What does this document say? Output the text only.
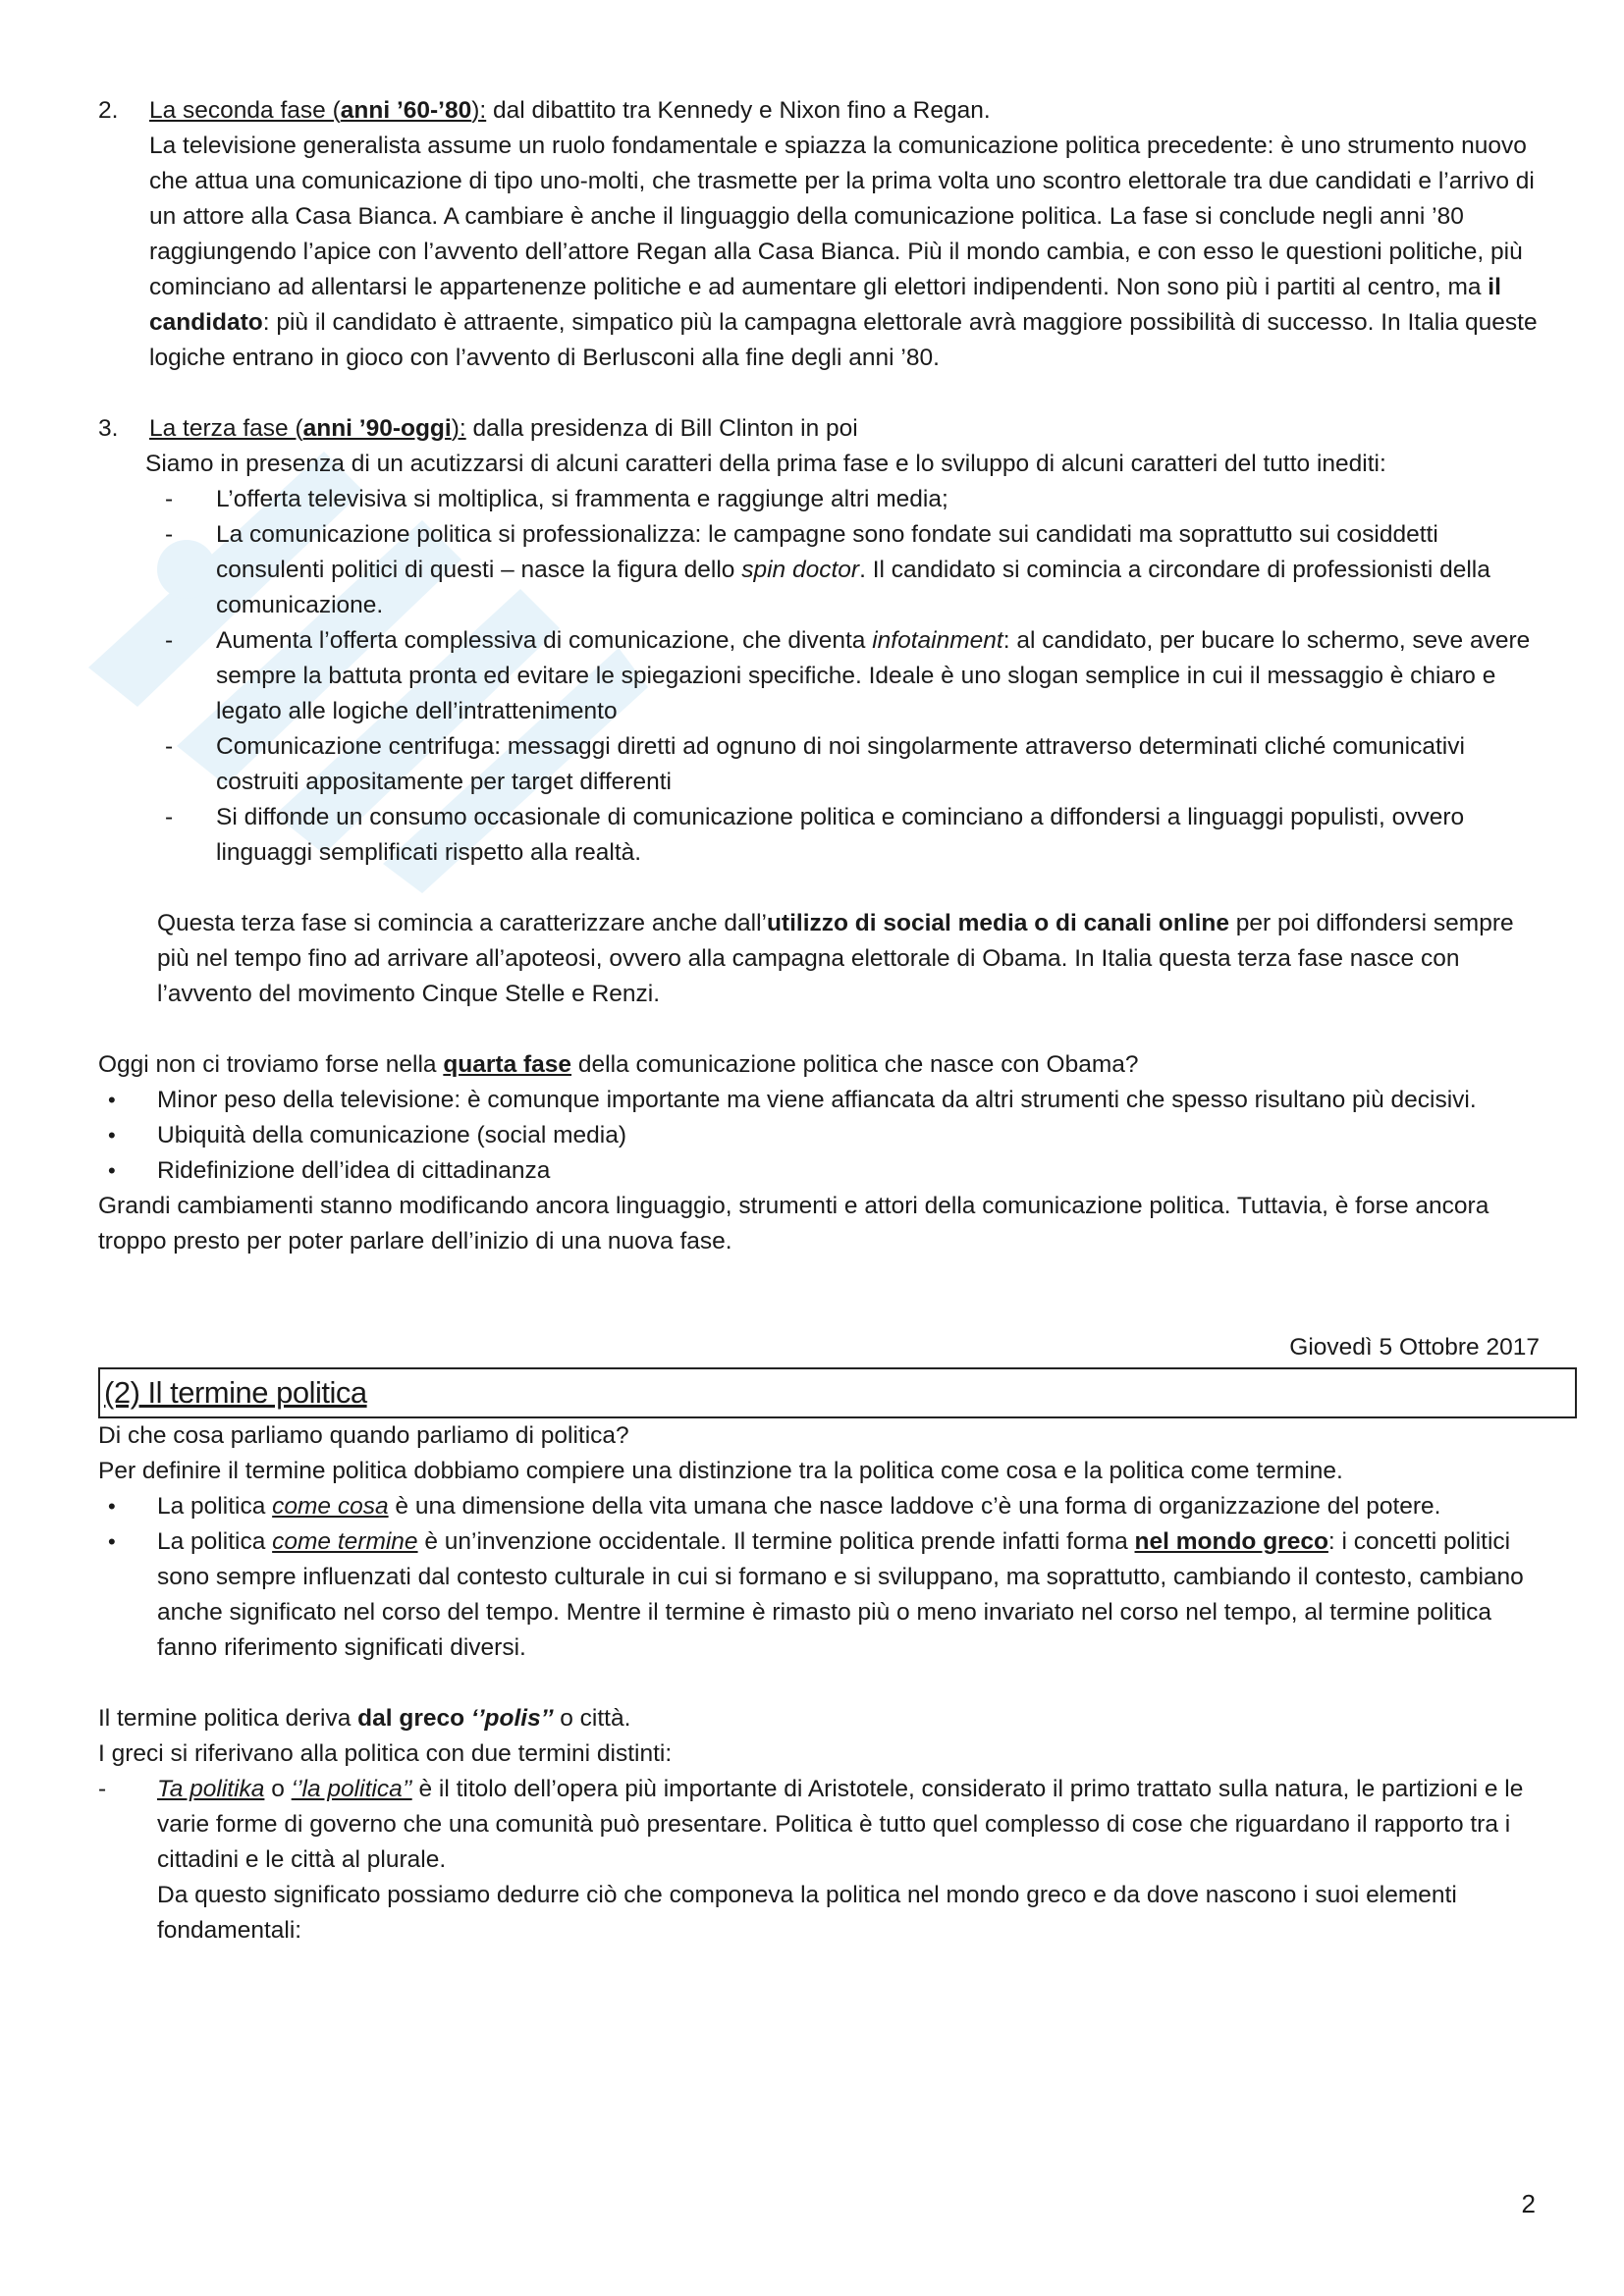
2. La seconda fase (anni ’60-’80): dal dibattito tra Kennedy e Nixon fino a Regan.
La televisione generalista assume un ruolo fondamentale e spiazza la comunicazione politica precedente: è uno strumento nuovo che attua una comunicazione di tipo uno-molti, che trasmette per la prima volta uno scontro elettorale tra due candidati e l’arrivo di un attore alla Casa Bianca. A cambiare è anche il linguaggio della comunicazione politica. La fase si conclude negli anni ’80 raggiungendo l’apice con l’avvento dell’attore Regan alla Casa Bianca. Più il mondo cambia, e con esso le questioni politiche, più cominciano ad allentarsi le appartenenze politiche e ad aumentare gli elettori indipendenti. Non sono più i partiti al centro, ma il candidato: più il candidato è attraente, simpatico più la campagna elettorale avrà maggiore possibilità di successo. In Italia queste logiche entrano in gioco con l’avvento di Berlusconi alla fine degli anni ’80.
3. La terza fase (anni ’90-oggi): dalla presidenza di Bill Clinton in poi
Siamo in presenza di un acutizzarsi di alcuni caratteri della prima fase e lo sviluppo di alcuni caratteri del tutto inediti:
- L’offerta televisiva si moltiplica, si frammenta e raggiunge altri media;
- La comunicazione politica si professionalizza: le campagne sono fondate sui candidati ma soprattutto sui cosiddetti consulenti politici di questi – nasce la figura dello spin doctor. Il candidato si comincia a circondare di professionisti della comunicazione.
- Aumenta l’offerta complessiva di comunicazione, che diventa infotainment: al candidato, per bucare lo schermo, seve avere sempre la battuta pronta ed evitare le spiegazioni specifiche. Ideale è uno slogan semplice in cui il messaggio è chiaro e legato alle logiche dell’intrattenimento
- Comunicazione centrifuga: messaggi diretti ad ognuno di noi singolarmente attraverso determinati cliché comunicativi costruiti appositamente per target differenti
- Si diffonde un consumo occasionale di comunicazione politica e cominciano a diffondersi a linguaggi populisti, ovvero linguaggi semplificati rispetto alla realtà.
Questa terza fase si comincia a caratterizzare anche dall’utilizzo di social media o di canali online per poi diffondersi sempre più nel tempo fino ad arrivare all’apoteosi, ovvero alla campagna elettorale di Obama. In Italia questa terza fase nasce con l’avvento del movimento Cinque Stelle e Renzi.
Oggi non ci troviamo forse nella quarta fase della comunicazione politica che nasce con Obama?
• Minor peso della televisione: è comunque importante ma viene affiancata da altri strumenti che spesso risultano più decisivi.
• Ubiquità della comunicazione (social media)
• Ridefinizione dell’idea di cittadinanza
Grandi cambiamenti stanno modificando ancora linguaggio, strumenti e attori della comunicazione politica. Tuttavia, è forse ancora troppo presto per poter parlare dell’inizio di una nuova fase.
Giovedì 5 Ottobre 2017
(2) Il termine politica
Di che cosa parliamo quando parliamo di politica?
Per definire il termine politica dobbiamo compiere una distinzione tra la politica come cosa e la politica come termine.
• La politica come cosa è una dimensione della vita umana che nasce laddove c’è una forma di organizzazione del potere.
• La politica come termine è un’invenzione occidentale. Il termine politica prende infatti forma nel mondo greco: i concetti politici sono sempre influenzati dal contesto culturale in cui si formano e si sviluppano, ma soprattutto, cambiando il contesto, cambiano anche significato nel corso del tempo. Mentre il termine è rimasto più o meno invariato nel corso nel tempo, al termine politica fanno riferimento significati diversi.
Il termine politica deriva dal greco ‘’polis’’ o città.
I greci si riferivano alla politica con due termini distinti:
- Ta politika o ‘’la politica’’ è il titolo dell’opera più importante di Aristotele, considerato il primo trattato sulla natura, le partizioni e le varie forme di governo che una comunità può presentare. Politica è tutto quel complesso di cose che riguardano il rapporto tra i cittadini e le città al plurale.
Da questo significato possiamo dedurre ciò che componeva la politica nel mondo greco e da dove nascono i suoi elementi fondamentali:
2
